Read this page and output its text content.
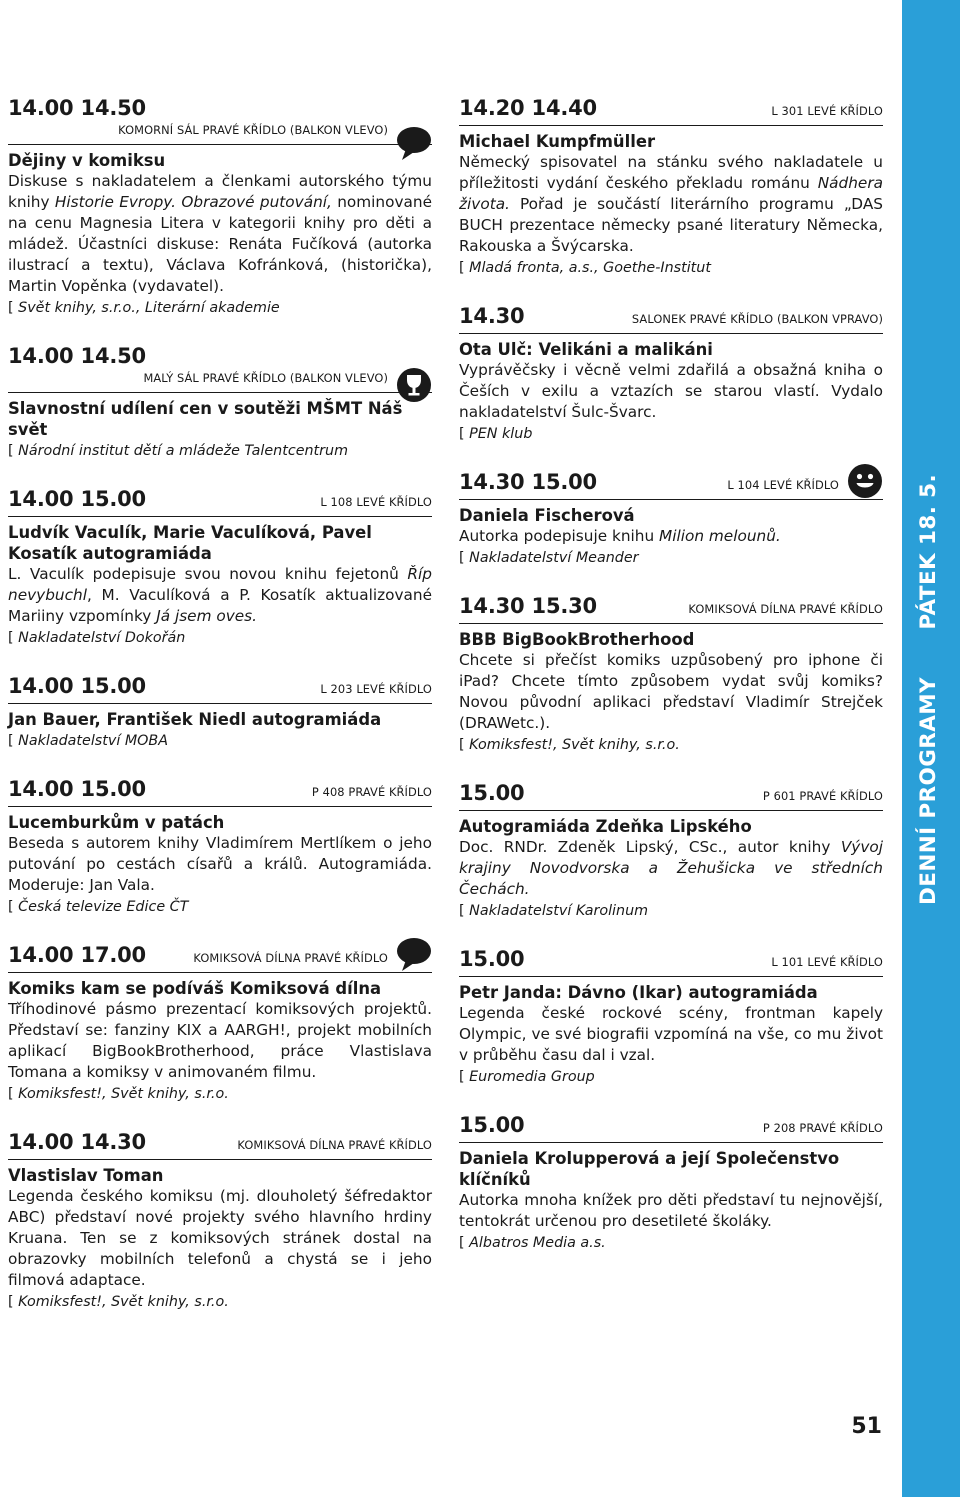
DENNÍ PROGRAMY      PÁTEK 18. 5.
14.00 14.50
KOMORNÍ SÁL PRAVÉ KŘÍDLO (BALKON VLEVO)
Dějiny v komiksu
Diskuse s nakladatelem a členkami autorského týmu knihy Historie Evropy. Obrazové putování, nominované na cenu Magnesia Litera v kategorii knihy pro děti a mládež. Účastníci diskuse: Renáta Fučíková (autorka ilustrací a textu), Václava Kofránková, (historička), Martin Vopěnka (vydavatel).
[ Svět knihy, s.r.o., Literární akademie
14.00 14.50
MALÝ SÁL PRAVÉ KŘÍDLO (BALKON VLEVO)
Slavnostní udílení cen v soutěži MŠMT Náš svět
[ Národní institut dětí a mládeže Talentcentrum
14.00 15.00	L 108 LEVÉ KŘÍDLO
Ludvík Vaculík, Marie Vaculíková, Pavel Kosatík autogramiáda
L. Vaculík podepisuje svou novou knihu fejetonů Říp nevybuchl, M. Vaculíková a P. Kosatík aktualizované Mariiny vzpomínky Já jsem oves.
[ Nakladatelství Dokořán
14.00 15.00	L 203 LEVÉ KŘÍDLO
Jan Bauer, František Niedl autogramiáda
[ Nakladatelství MOBA
14.00 15.00	P 408 PRAVÉ KŘÍDLO
Lucemburkům v patách
Beseda s autorem knihy Vladimírem Mertlíkem o jeho putování po cestách císařů a králů. Autogramiáda. Moderuje: Jan Vala.
[ Česká televize Edice ČT
14.00 17.00	KOMIKSOVÁ DÍLNA PRAVÉ KŘÍDLO
Komiks kam se podíváš Komiksová dílna
Tříhodinové pásmo prezentací komiksových projektů. Představí se: fanziny KIX a AARGH!, projekt mobilních aplikací BigBookBrotherhood, práce Vlastislava Tomana a komiksy v animovaném filmu.
[ Komiksfest!, Svět knihy, s.r.o.
14.00 14.30	KOMIKSOVÁ DÍLNA PRAVÉ KŘÍDLO
Vlastislav Toman
Legenda českého komiksu (mj. dlouholetý šéfredaktor ABC) představí nové projekty svého hlavního hrdiny Kruana. Ten se z komiksových stránek dostal na obrazovky mobilních telefonů a chystá se i jeho filmová adaptace.
[ Komiksfest!, Svět knihy, s.r.o.
14.20 14.40	L 301 LEVÉ KŘÍDLO
Michael Kumpfmüller
Německý spisovatel na stánku svého nakladatele u příležitosti vydání českého překladu románu Nádhera života. Pořad je součástí literárního programu „DAS BUCH prezentace německy psané literatury Německa, Rakouska a Švýcarska.
[ Mladá fronta, a.s., Goethe-Institut
14.30	SALONEK PRAVÉ KŘÍDLO (BALKON VPRAVO)
Ota Ulč: Velikáni a malikáni
Vyprávěčsky i věcně velmi zdařilá a obsažná kniha o Češích v exilu a vztazích se starou vlastí. Vydalo nakladatelství Šulc-Švarc.
[ PEN klub
14.30 15.00	L 104 LEVÉ KŘÍDLO
Daniela Fischerová
Autorka podepisuje knihu Milion melounů.
[ Nakladatelství Meander
14.30 15.30	KOMIKSOVÁ DÍLNA PRAVÉ KŘÍDLO
BBB BigBookBrotherhood
Chcete si přečíst komiks uzpůsobený pro iphone či iPad? Chcete tímto způsobem vydat svůj komiks? Novou původní aplikaci představí Vladimír Strejček (DRAWetc.).
[ Komiksfest!, Svět knihy, s.r.o.
15.00	P 601 PRAVÉ KŘÍDLO
Autogramiáda Zdeňka Lipského
Doc. RNDr. Zdeněk Lipský, CSc., autor knihy Vývoj krajiny Novodvorska a Žehušicka ve středních Čechách.
[ Nakladatelství Karolinum
15.00	L 101 LEVÉ KŘÍDLO
Petr Janda: Dávno (Ikar) autogramiáda
Legenda české rockové scény, frontman kapely Olympic, ve své biografii vzpomíná na vše, co mu život v průběhu času dal i vzal.
[ Euromedia Group
15.00	P 208 PRAVÉ KŘÍDLO
Daniela Krolupperová a její Společenstvo klíčníků
Autorka mnoha knížek pro děti představí tu nejnovější, tentokrát určenou pro desetileté školáky.
[ Albatros Media a.s.
51
